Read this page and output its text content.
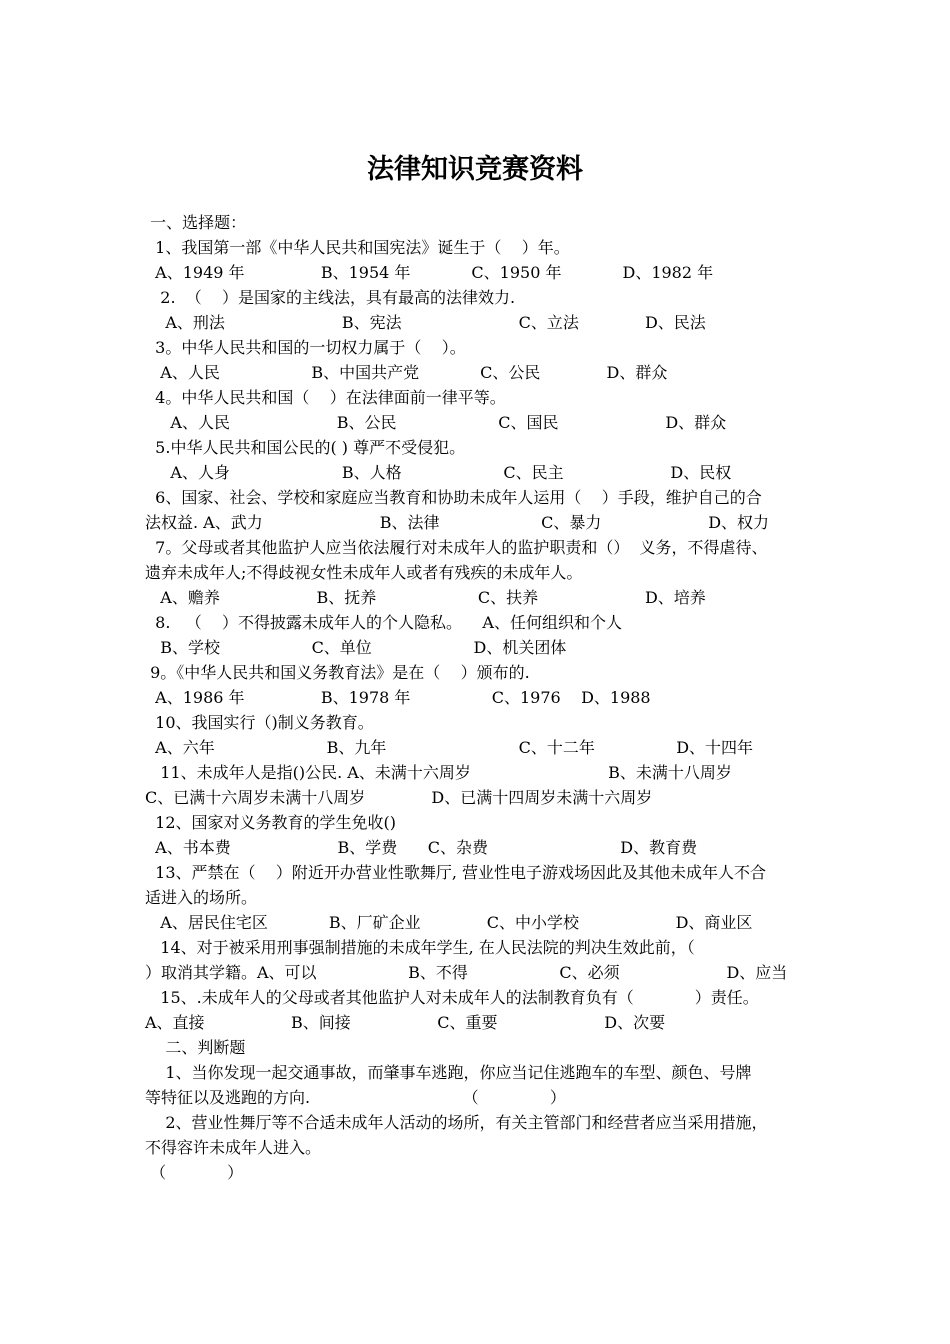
法律知识竞赛资料

一、选择题：

1、我国第一部《中华人民共和国宪法》诞生于（    ）年。

A、1949 年               B、1954 年            C、1950 年            D、1982 年

2.  （    ）是国家的主线法，具有最高的法律效力.

A、刑法                       B、宪法                       C、立法             D、民法

3。中华人民共和国的一切权力属于（    ）。

A、人民                  B、中国共产党            C、公民             D、群众

4。中华人民共和国（    ）在法律面前一律平等。

A、人民                     B、公民                    C、国民                     D、群众

5.中华人民共和国公民的( ) 尊严不受侵犯。

A、人身                      B、人格                    C、民主                     D、民权

6、国家、社会、学校和家庭应当教育和协助未成年人运用（    ）手段，维护自己的合

法权益. A、武力                       B、法律                    C、暴力                     D、权力

7。父母或者其他监护人应当依法履行对未成年人的监护职责和（）  义务，不得虐待、

遗弃未成年人;不得歧视女性未成年人或者有残疾的未成年人。

A、赡养                   B、抚养                    C、扶养                     D、培养

8.   （    ）不得披露未成年人的个人隐私。    A、任何组织和个人

B、学校                  C、单位                    D、机关团体

9。《中华人民共和国义务教育法》是在（    ）颁布的.

A、1986 年               B、1978 年                C、1976    D、1988

10、我国实行（)制义务教育。

A、六年                      B、九年                          C、十二年                D、十四年

11、未成年人是指()公民. A、未满十六周岁                           B、未满十八周岁

C、已满十六周岁未满十八周岁             D、已满十四周岁未满十六周岁

12、国家对义务教育的学生免收()

A、书本费                     B、学费      C、杂费                          D、教育费

13、严禁在（    ）附近开办营业性歌舞厅, 营业性电子游戏场因此及其他未成年人不合

适进入的场所。

A、居民住宅区            B、厂矿企业             C、中小学校                   D、商业区

14、对于被采用刑事强制措施的未成年学生, 在人民法院的判决生效此前，（

）取消其学籍。A、可以                  B、不得                  C、必须                     D、应当

15、.未成年人的父母或者其他监护人对未成年人的法制教育负有（            ）责任。

A、直接                 B、间接                 C、重要                     D、次要

二、判断题

1、当你发现一起交通事故，而肇事车逃跑，你应当记住逃跑车的车型、颜色、号牌

等特征以及逃跑的方向.                              （              ）

2、营业性舞厅等不合适未成年人活动的场所，有关主管部门和经营者应当采用措施，

不得容许未成年人进入。

（            ）
